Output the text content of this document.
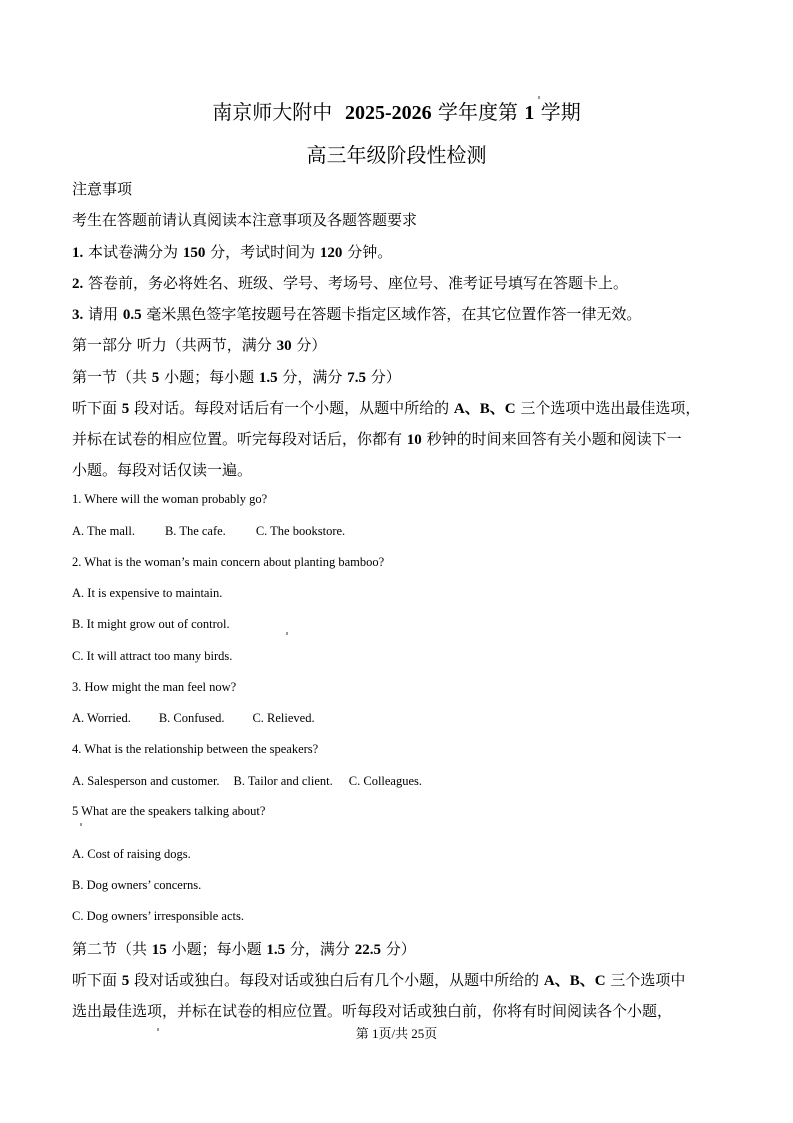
南京师大附中 2025-2026 学年度第 1 学期
高三年级阶段性检测
注意事项
考生在答题前请认真阅读本注意事项及各题答题要求
1. 本试卷满分为 150 分，考试时间为 120 分钟。
2. 答卷前，务必将姓名、班级、学号、考场号、座位号、准考证号填写在答题卡上。
3. 请用 0.5 毫米黑色签字笔按题号在答题卡指定区域作答，在其它位置作答一律无效。
第一部分 听力（共两节，满分 30 分）
第一节（共 5 小题；每小题 1.5 分，满分 7.5 分）
听下面 5 段对话。每段对话后有一个小题，从题中所给的 A、B、C 三个选项中选出最佳选项，
并标在试卷的相应位置。听完每段对话后，你都有 10 秒钟的时间来回答有关小题和阅读下一
小题。每段对话仅读一遍。
1. Where will the woman probably go?
A. The mall. B. The cafe. C. The bookstore.
2. What is the woman’s main concern about planting bamboo?
A. It is expensive to maintain.
B. It might grow out of control.
C. It will attract too many birds.
3. How might the man feel now?
A. Worried. B. Confused. C. Relieved.
4. What is the relationship between the speakers?
A. Salesperson and customer. B. Tailor and client. C. Colleagues.
5 What are the speakers talking about?
A. Cost of raising dogs.
B. Dog owners’ concerns.
C. Dog owners’ irresponsible acts.
第二节（共 15 小题；每小题 1.5 分，满分 22.5 分）
听下面 5 段对话或独白。每段对话或独白后有几个小题，从题中所给的 A、B、C 三个选项中
选出最佳选项，并标在试卷的相应位置。听每段对话或独白前，你将有时间阅读各个小题，
第 1页/共 25页
